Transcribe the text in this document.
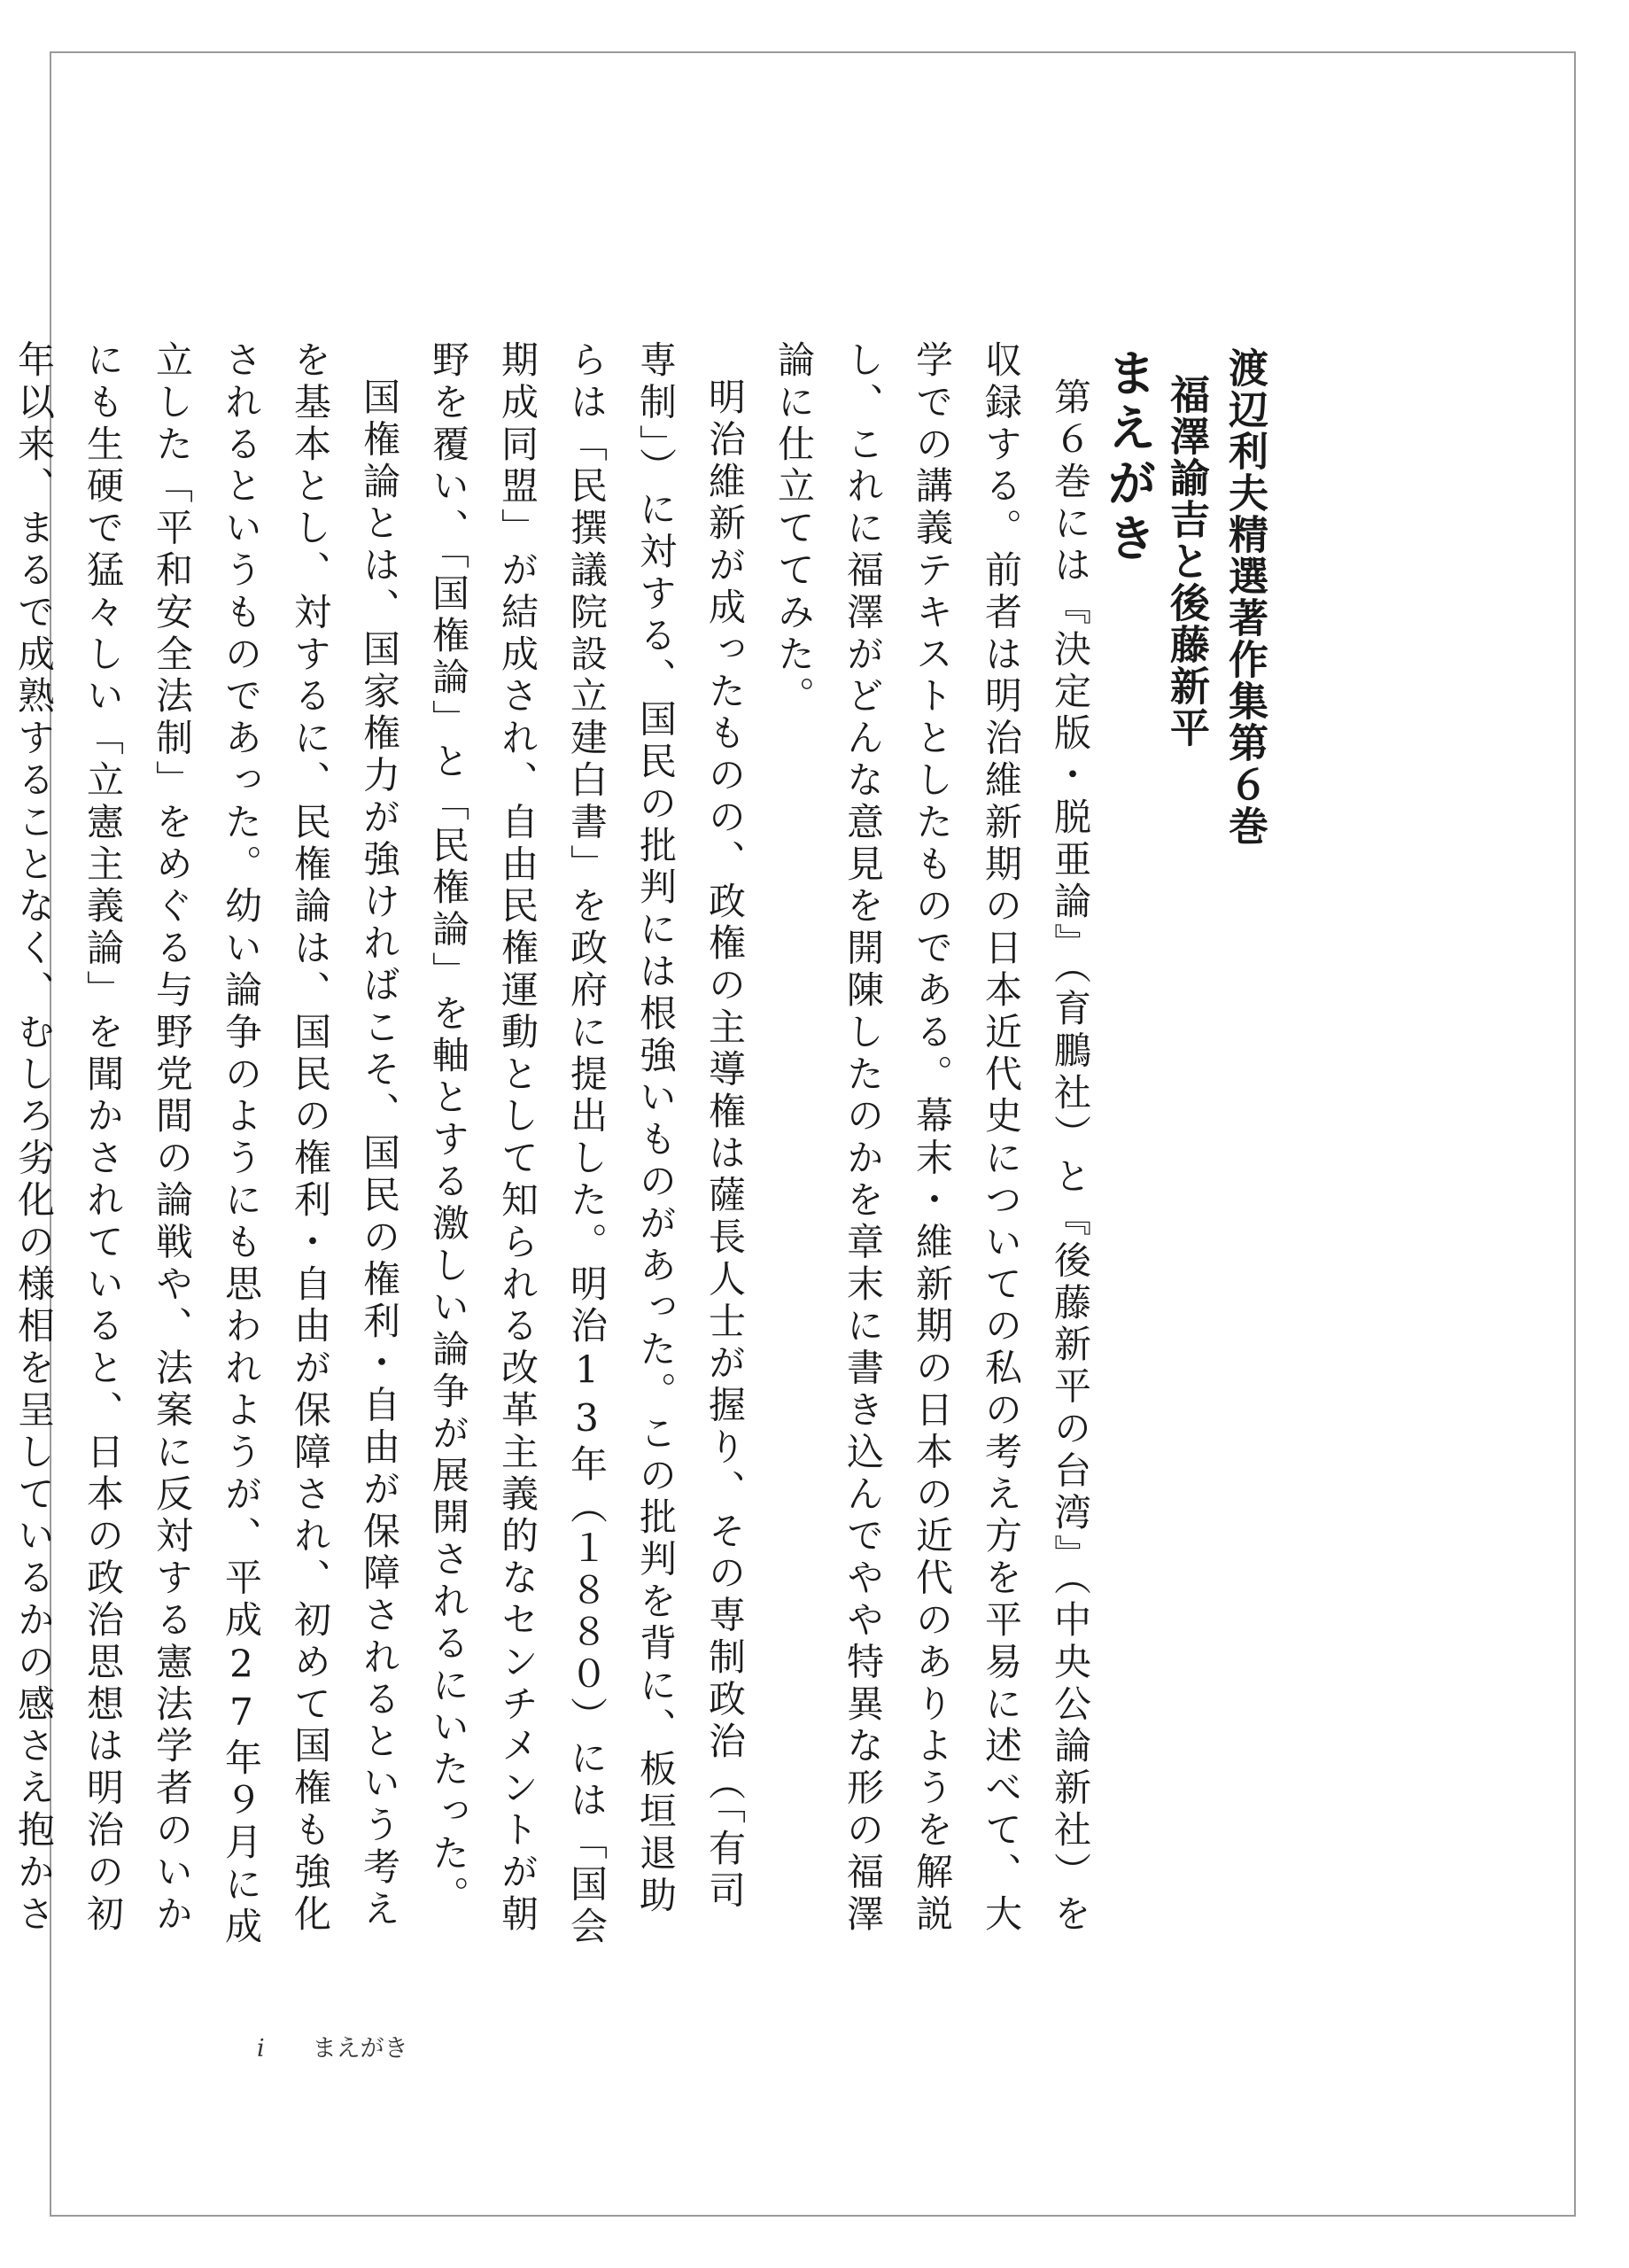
渡辺利夫精選著作集第６巻
福澤諭吉と後藤新平
まえがき

第６巻には『決定版・脱亜論』（育鵬社）と『後藤新平の台湾』（中央公論新社）を収録する。前者は明治維新期の日本近代史についての私の考え方を平易に述べて、大学での講義テキストとしたものである。幕末・維新期の日本の近代のありようを解説し、これに福澤がどんな意見を開陳したのかを章末に書き込んでやや特異な形の福澤論に仕立ててみた。

明治維新が成ったものの、政権の主導権は薩長人士が握り、その専制政治（「有司専制」）に対する、国民の批判には根強いものがあった。この批判を背に、板垣退助らは「民撰議院設立建白書」を政府に提出した。明治13年（１８８０）には「国会期成同盟」が結成され、自由民権運動として知られる改革主義的なセンチメントが朝野を覆い、「国権論」と「民権論」を軸とする激しい論争が展開されるにいたった。

国権論とは、国家権力が強ければこそ、国民の権利・自由が保障されるという考えを基本とし、対するに、民権論は、国民の権利・自由が保障され、初めて国権も強化されるというものであった。幼い論争のようにも思われようが、平成27年９月に成立した「平和安全法制」をめぐる与野党間の論戦や、法案に反対する憲法学者のいかにも生硬で猛々しい「立憲主義論」を聞かされていると、日本の政治思想は明治の初年以来、まるで成熟することなく、むしろ劣化の様相を呈しているかの感さえ抱かさ

i まえがき
